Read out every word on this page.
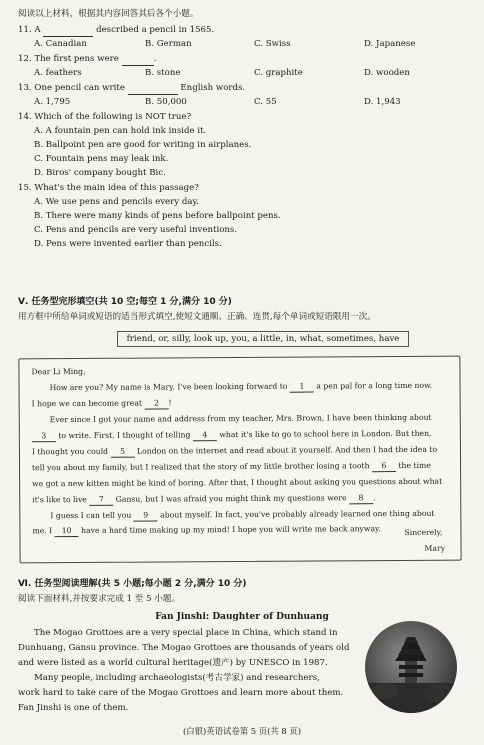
阅读以上材料，根据其内容回答其后各个小题。
11. A	described a pencil in 1565.
A. Canadian	B. German	C. Swiss	D. Japanese
12. The first pens were	.
A. feathers	B. stone	C. graphite	D. wooden
13. One pencil can write	English words.
A. 1,795	B. 50,000	C. 55	D. 1,943
14. Which of the following is NOT true?
A. A fountain pen can hold ink inside it.
B. Ballpoint pen are good for writing in airplanes.
C. Fountain pens may leak ink.
D. Biros' company bought Bic.
15. What's the main idea of this passage?
A. We use pens and pencils every day.
B. There were many kinds of pens before ballpoint pens.
C. Pens and pencils are very useful inventions.
D. Pens were invented earlier than pencils.
Ⅴ. 任务型完形填空(共 10 空;每空 1 分,满分 10 分)
用方框中所给单词或短语的适当形式填空,使短文通顺、正确、连贯,每个单词或短语限用一次。
friend, or, silly, look up, you, a little, in, what, sometimes, have
Dear Li Ming,
How are you? My name is Mary. I've been looking forward to 1 a pen pal for a long time now.
I hope we can become great 2 !
Ever since I got your name and address from my teacher, Mrs. Brown, I have been thinking about
3 to write. First, I thought of telling 4 what it's like to go to school here in London. But then,
I thought you could 5 London on the internet and read about it yourself. And then I had the idea to
tell you about my family, but I realized that the story of my little brother losing a tooth 6 the time
we got a new kitten might be kind of boring. After that, I thought about asking you questions about what
it's like to live 7 Gansu, but I was afraid you might think my questions were 8 .
I guess I can tell you 9 about myself. In fact, you've probably already learned one thing about
me. I 10 have a hard time making up my mind! I hope you will write me back anyway.	Sincerely,
Mary
Ⅵ. 任务型阅读理解(共 5 小题;每小题 2 分,满分 10 分)
阅读下面材料,并按要求完成 1 至 5 小题。
Fan Jinshi: Daughter of Dunhuang
The Mogao Grottoes are a very special place in China, which stand in
Dunhuang, Gansu province. The Mogao Grottoes are thousands of years old
and were listed as a world cultural heritage(遗产) by UNESCO in 1987.
Many people, including archaeologists(考古学家) and researchers,
work hard to take care of the Mogao Grottoes and learn more about them.
Fan Jinshi is one of them.
(白银)英语试卷第 5 页(共 8 页)
